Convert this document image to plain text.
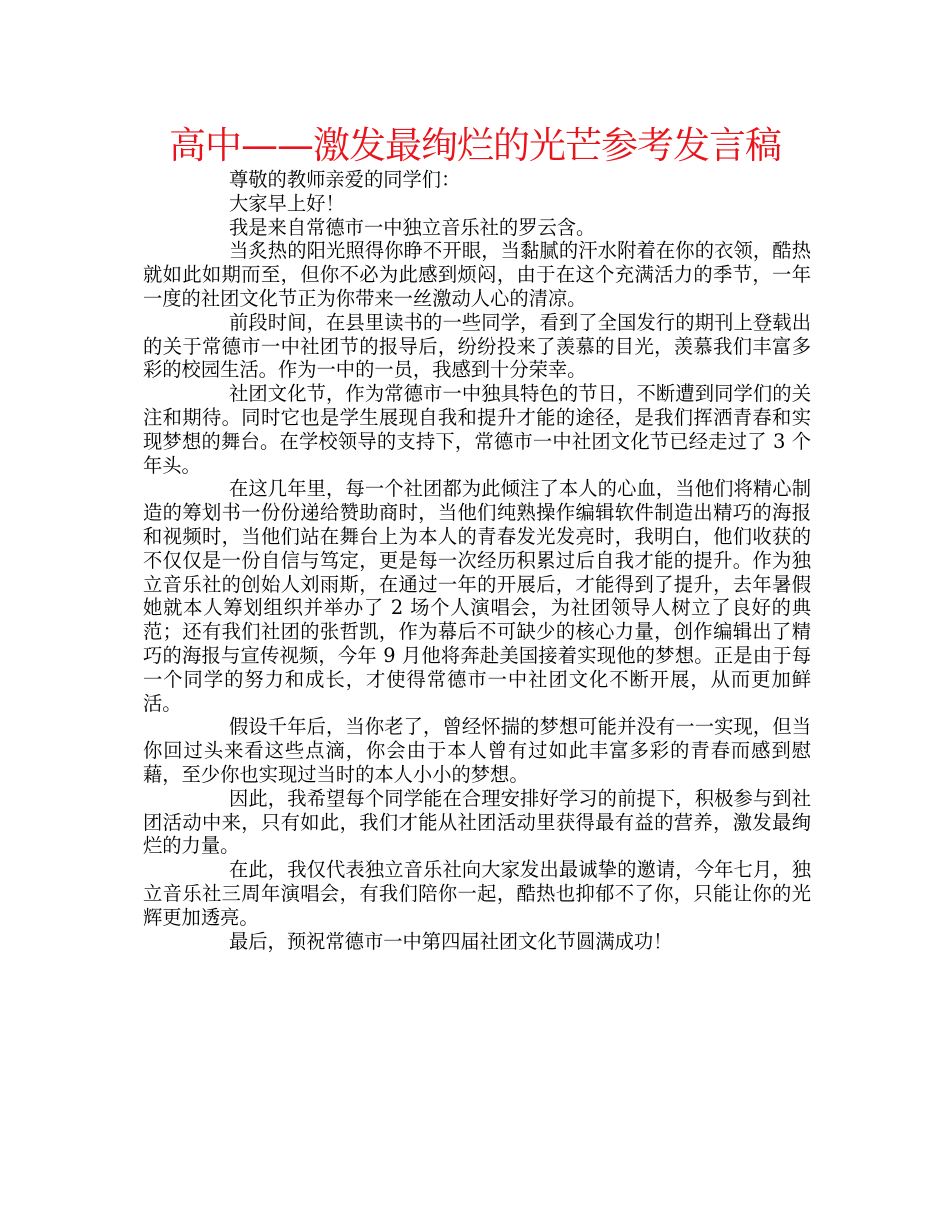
高中——激发最绚烂的光芒参考发言稿

尊敬的教师亲爱的同学们：

大家早上好！

我是来自常德市一中独立音乐社的罗云含。

当炙热的阳光照得你睁不开眼，当黏腻的汗水附着在你的衣领，酷热就如此如期而至，但你不必为此感到烦闷，由于在这个充满活力的季节，一年一度的社团文化节正为你带来一丝激动人心的清凉。

前段时间，在县里读书的一些同学，看到了全国发行的期刊上登载出的关于常德市一中社团节的报导后，纷纷投来了羡慕的目光，羡慕我们丰富多彩的校园生活。作为一中的一员，我感到十分荣幸。

社团文化节，作为常德市一中独具特色的节日，不断遭到同学们的关注和期待。同时它也是学生展现自我和提升才能的途径，是我们挥洒青春和实现梦想的舞台。在学校领导的支持下，常德市一中社团文化节已经走过了 3 个年头。

在这几年里，每一个社团都为此倾注了本人的心血，当他们将精心制造的筹划书一份份递给赞助商时，当他们纯熟操作编辑软件制造出精巧的海报和视频时，当他们站在舞台上为本人的青春发光发亮时，我明白，他们收获的不仅仅是一份自信与笃定，更是每一次经历积累过后自我才能的提升。作为独立音乐社的创始人刘雨斯，在通过一年的开展后，才能得到了提升，去年暑假她就本人筹划组织并举办了 2 场个人演唱会，为社团领导人树立了良好的典范；还有我们社团的张哲凯，作为幕后不可缺少的核心力量，创作编辑出了精巧的海报与宣传视频，今年 9 月他将奔赴美国接着实现他的梦想。正是由于每一个同学的努力和成长，才使得常德市一中社团文化不断开展，从而更加鲜活。

假设千年后，当你老了，曾经怀揣的梦想可能并没有一一实现，但当你回过头来看这些点滴，你会由于本人曾有过如此丰富多彩的青春而感到慰藉，至少你也实现过当时的本人小小的梦想。

因此，我希望每个同学能在合理安排好学习的前提下，积极参与到社团活动中来，只有如此，我们才能从社团活动里获得最有益的营养，激发最绚烂的力量。

在此，我仅代表独立音乐社向大家发出最诚挚的邀请，今年七月，独立音乐社三周年演唱会，有我们陪你一起，酷热也抑郁不了你，只能让你的光辉更加透亮。

最后，预祝常德市一中第四届社团文化节圆满成功！
